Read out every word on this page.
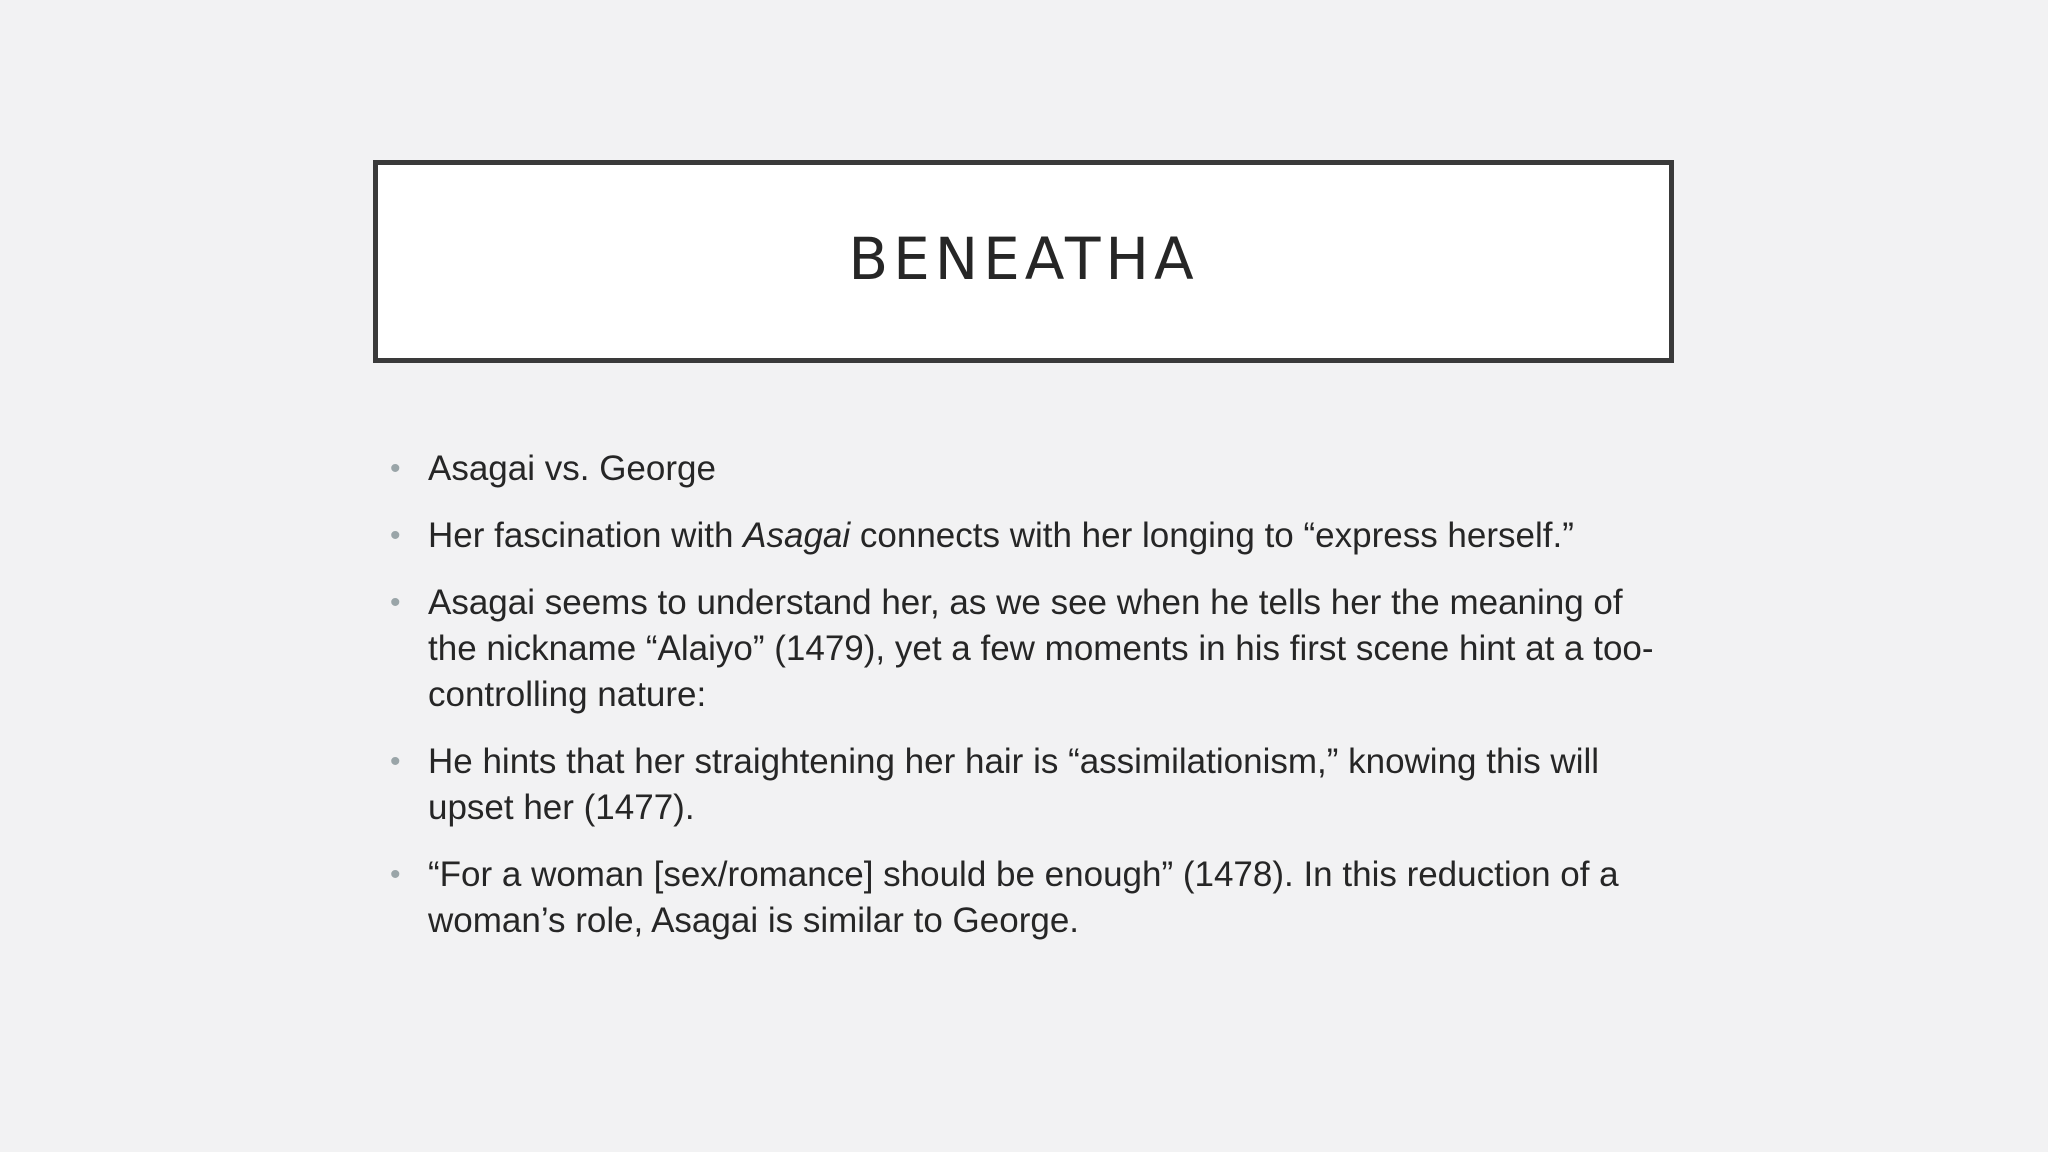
BENEATHA
• Asagai vs. George
• Her fascination with Asagai connects with her longing to “express herself.”
• Asagai seems to understand her, as we see when he tells her the meaning of the nickname “Alaiyo” (1479), yet a few moments in his first scene hint at a too-controlling nature:
• He hints that her straightening her hair is “assimilationism,” knowing this will upset her (1477).
• “For a woman [sex/romance] should be enough” (1478). In this reduction of a woman’s role, Asagai is similar to George.
